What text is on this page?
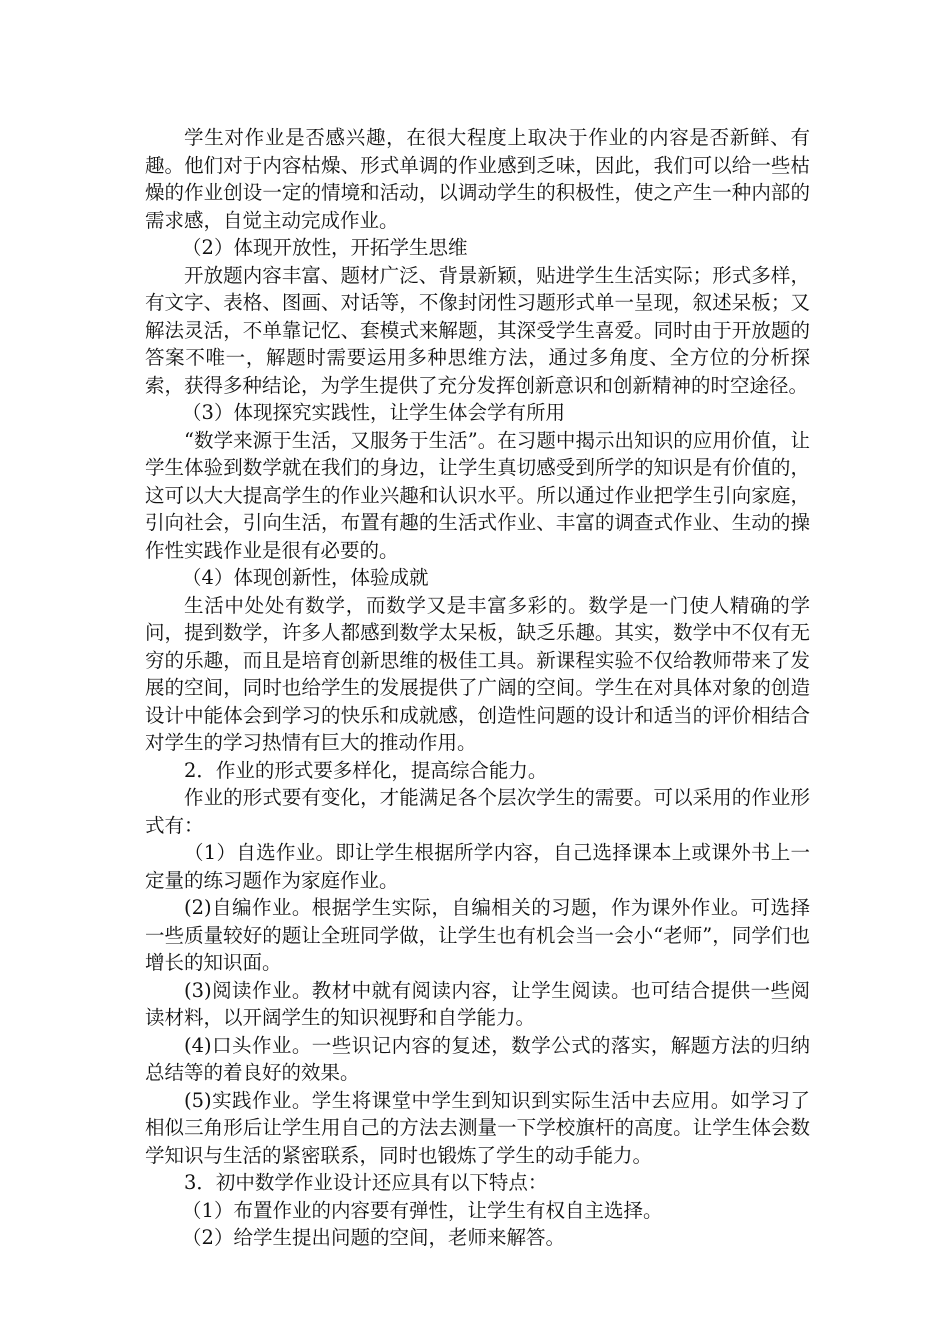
学生对作业是否感兴趣，在很大程度上取决于作业的内容是否新鲜、有趣。他们对于内容枯燥、形式单调的作业感到乏味，因此，我们可以给一些枯燥的作业创设一定的情境和活动，以调动学生的积极性，使之产生一种内部的需求感，自觉主动完成作业。

（2）体现开放性，开拓学生思维

开放题内容丰富、题材广泛、背景新颖，贴进学生生活实际；形式多样，有文字、表格、图画、对话等，不像封闭性习题形式单一呈现，叙述呆板；又解法灵活，不单靠记忆、套模式来解题，其深受学生喜爱。同时由于开放题的答案不唯一，解题时需要运用多种思维方法，通过多角度、全方位的分析探索，获得多种结论，为学生提供了充分发挥创新意识和创新精神的时空途径。

（3）体现探究实践性，让学生体会学有所用

“数学来源于生活，又服务于生活”。在习题中揭示出知识的应用价值，让学生体验到数学就在我们的身边，让学生真切感受到所学的知识是有价值的，这可以大大提高学生的作业兴趣和认识水平。所以通过作业把学生引向家庭，引向社会，引向生活，布置有趣的生活式作业、丰富的调查式作业、生动的操作性实践作业是很有必要的。

（4）体现创新性，体验成就

生活中处处有数学，而数学又是丰富多彩的。数学是一门使人精确的学问，提到数学，许多人都感到数学太呆板，缺乏乐趣。其实，数学中不仅有无穷的乐趣，而且是培育创新思维的极佳工具。新课程实验不仅给教师带来了发展的空间，同时也给学生的发展提供了广阔的空间。学生在对具体对象的创造设计中能体会到学习的快乐和成就感，创造性问题的设计和适当的评价相结合对学生的学习热情有巨大的推动作用。

2．作业的形式要多样化，提高综合能力。

作业的形式要有变化，才能满足各个层次学生的需要。可以采用的作业形式有：

（1）自选作业。即让学生根据所学内容，自己选择课本上或课外书上一定量的练习题作为家庭作业。

(2)自编作业。根据学生实际，自编相关的习题，作为课外作业。可选择一些质量较好的题让全班同学做，让学生也有机会当一会小“老师”，同学们也增长的知识面。

(3)阅读作业。教材中就有阅读内容，让学生阅读。也可结合提供一些阅读材料，以开阔学生的知识视野和自学能力。

(4)口头作业。一些识记内容的复述，数学公式的落实，解题方法的归纳总结等的着良好的效果。

(5)实践作业。学生将课堂中学生到知识到实际生活中去应用。如学习了相似三角形后让学生用自己的方法去测量一下学校旗杆的高度。让学生体会数学知识与生活的紧密联系，同时也锻炼了学生的动手能力。

3．初中数学作业设计还应具有以下特点：

（1）布置作业的内容要有弹性，让学生有权自主选择。

（2）给学生提出问题的空间，老师来解答。
